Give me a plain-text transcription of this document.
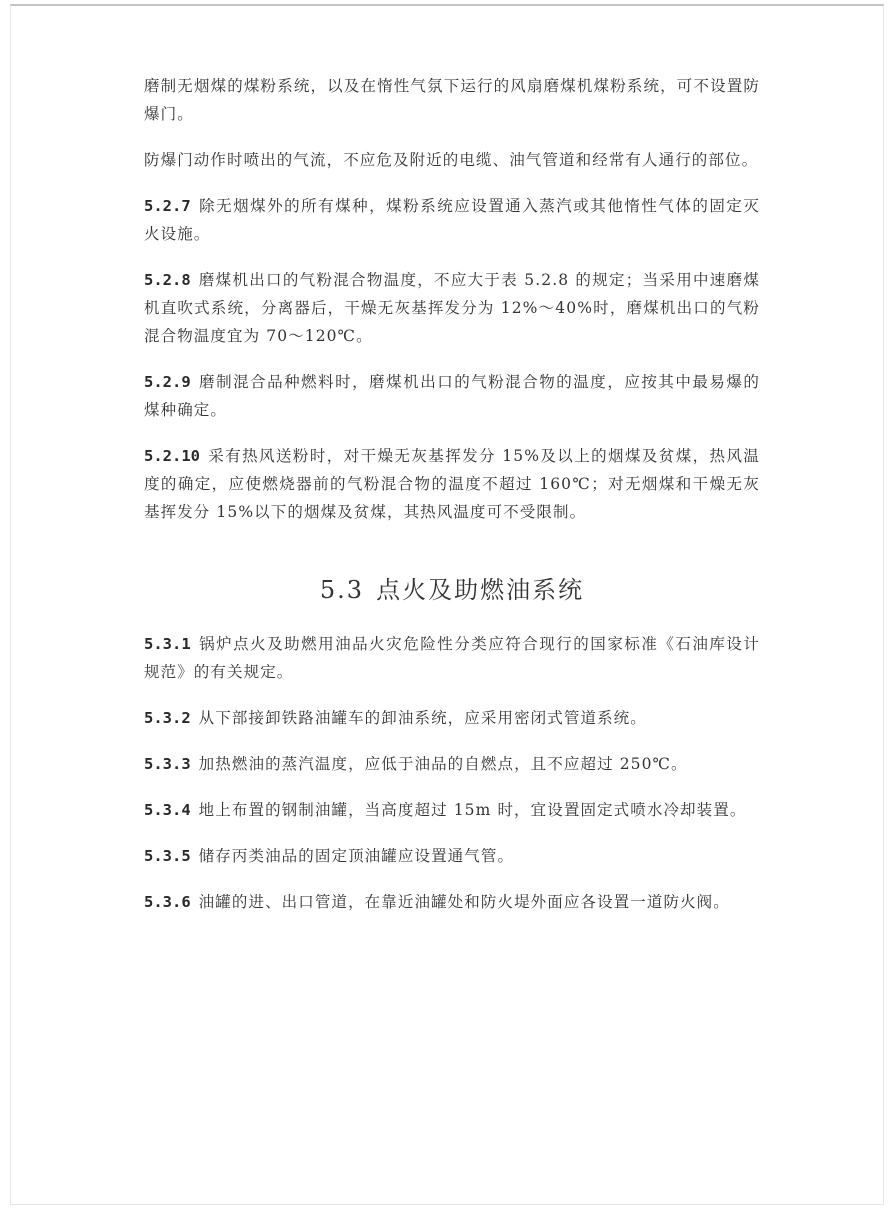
磨制无烟煤的煤粉系统，以及在惰性气氛下运行的风扇磨煤机煤粉系统，可不设置防爆门。

防爆门动作时喷出的气流，不应危及附近的电缆、油气管道和经常有人通行的部位。

5.2.7 除无烟煤外的所有煤种，煤粉系统应设置通入蒸汽或其他惰性气体的固定灭火设施。

5.2.8 磨煤机出口的气粉混合物温度，不应大于表 5.2.8 的规定；当采用中速磨煤机直吹式系统，分离器后，干燥无灰基挥发分为 12%～40%时，磨煤机出口的气粉混合物温度宜为 70～120℃。

5.2.9 磨制混合品种燃料时，磨煤机出口的气粉混合物的温度，应按其中最易爆的煤种确定。

5.2.10 采有热风送粉时，对干燥无灰基挥发分 15%及以上的烟煤及贫煤，热风温度的确定，应使燃烧器前的气粉混合物的温度不超过 160℃；对无烟煤和干燥无灰基挥发分 15%以下的烟煤及贫煤，其热风温度可不受限制。

5.3 点火及助燃油系统

5.3.1 锅炉点火及助燃用油品火灾危险性分类应符合现行的国家标准《石油库设计规范》的有关规定。

5.3.2 从下部接卸铁路油罐车的卸油系统，应采用密闭式管道系统。

5.3.3 加热燃油的蒸汽温度，应低于油品的自燃点，且不应超过 250℃。

5.3.4 地上布置的钢制油罐，当高度超过 15m 时，宜设置固定式喷水冷却装置。

5.3.5 储存丙类油品的固定顶油罐应设置通气管。

5.3.6 油罐的进、出口管道，在靠近油罐处和防火堤外面应各设置一道防火阀。
